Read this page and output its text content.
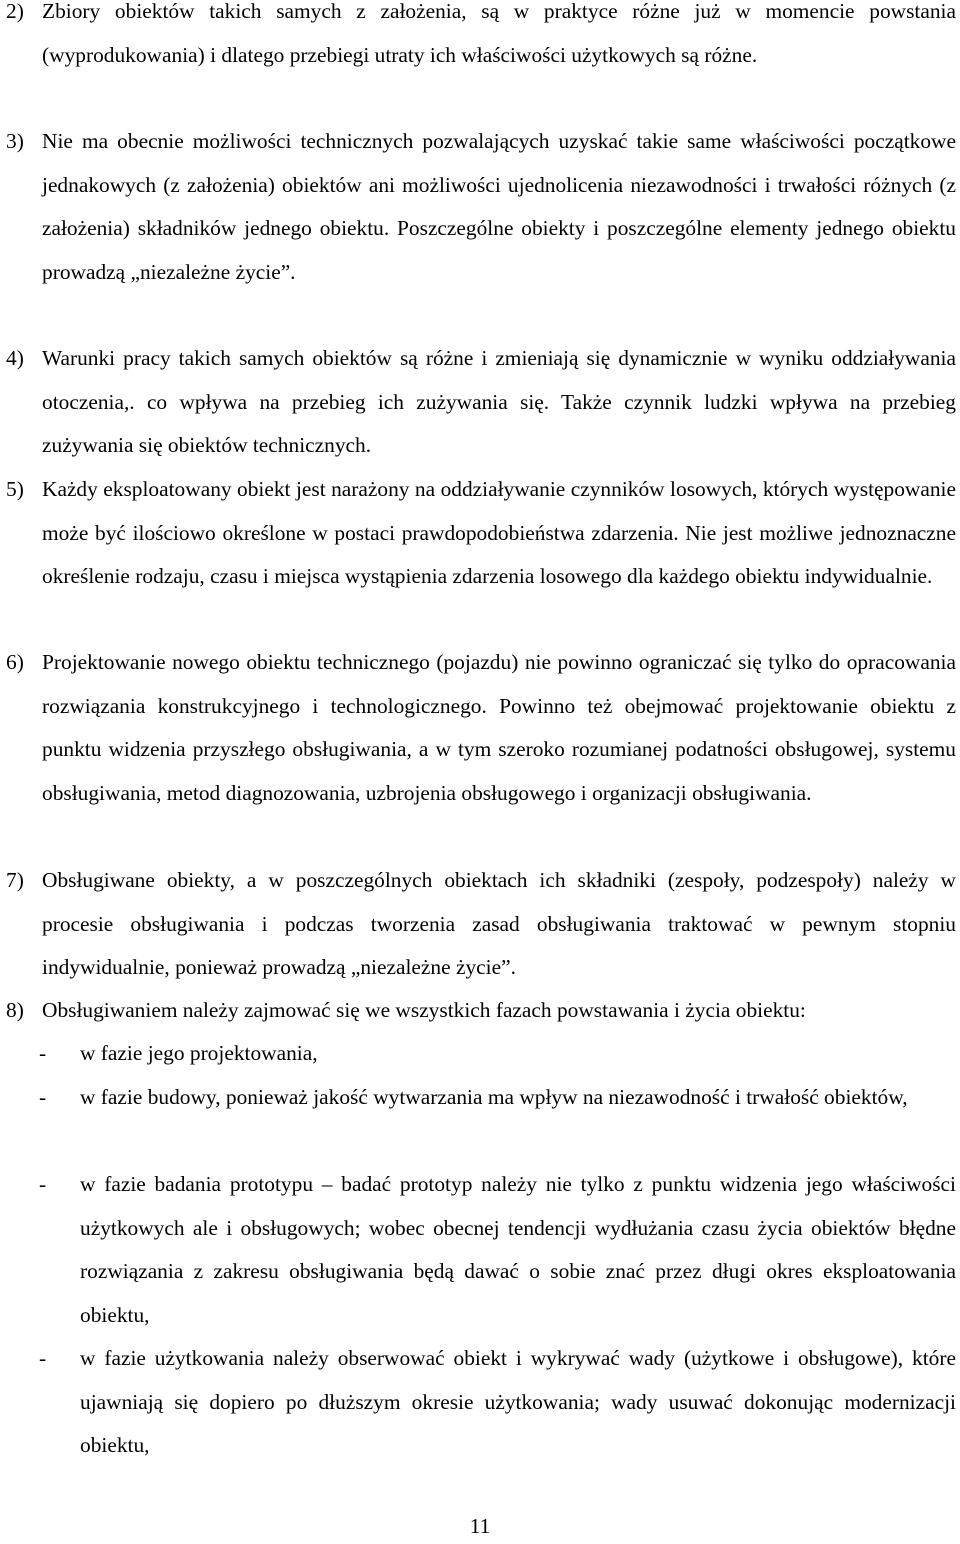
2) Zbiory obiektów takich samych z założenia, są w praktyce różne już w momencie powstania (wyprodukowania) i dlatego przebiegi utraty ich właściwości użytkowych są różne.
3) Nie ma obecnie możliwości technicznych pozwalających uzyskać takie same właściwości początkowe jednakowych (z założenia) obiektów ani możliwości ujednolicenia niezawodności i trwałości różnych (z założenia) składników jednego obiektu. Poszczególne obiekty i poszczególne elementy jednego obiektu prowadzą „niezależne życie”.
4) Warunki pracy takich samych obiektów są różne i zmieniają się dynamicznie w wyniku oddziaływania otoczenia,. co wpływa na przebieg ich zużywania się. Także czynnik ludzki wpływa na przebieg zużywania się obiektów technicznych.
5) Każdy eksploatowany obiekt jest narażony na oddziaływanie czynników losowych, których występowanie może być ilościowo określone w postaci prawdopodobieństwa zdarzenia. Nie jest możliwe jednoznaczne określenie rodzaju, czasu i miejsca wystąpienia zdarzenia losowego dla każdego obiektu indywidualnie.
6) Projektowanie nowego obiektu technicznego (pojazdu) nie powinno ograniczać się tylko do opracowania rozwiązania konstrukcyjnego i technologicznego. Powinno też obejmować projektowanie obiektu z punktu widzenia przyszłego obsługiwania, a w tym szeroko rozumianej podatności obsługowej, systemu obsługiwania, metod diagnozowania, uzbrojenia obsługowego i organizacji obsługiwania.
7) Obsługiwane obiekty, a w poszczególnych obiektach ich składniki (zespoły, podzespoły) należy w procesie obsługiwania i podczas tworzenia zasad obsługiwania traktować w pewnym stopniu indywidualnie, ponieważ prowadzą „niezależne życie”.
8) Obsługiwaniem należy zajmować się we wszystkich fazach powstawania i życia obiektu:
- w fazie jego projektowania,
- w fazie budowy, ponieważ jakość wytwarzania ma wpływ na niezawodność i trwałość obiektów,
- w fazie badania prototypu – badać prototyp należy nie tylko z punktu widzenia jego właściwości użytkowych ale i obsługowych; wobec obecnej tendencji wydłużania czasu życia obiektów błędne rozwiązania z zakresu obsługiwania będą dawać o sobie znać przez długi okres eksploatowania obiektu,
- w fazie użytkowania należy obserwować obiekt i wykrywać wady (użytkowe i obsługowe), które ujawniają się dopiero po dłuższym okresie użytkowania; wady usuwać dokonując modernizacji obiektu,
11
